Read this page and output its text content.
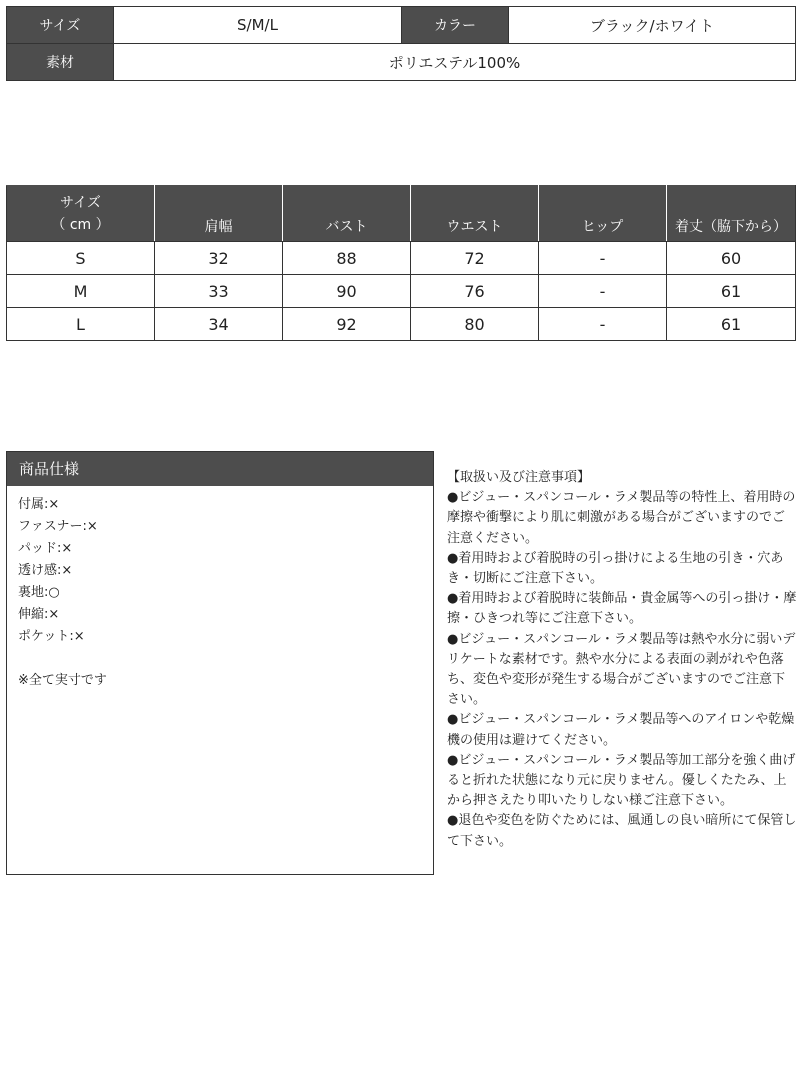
サイズ	S/M/L	カラー	ブラック/ホワイト
素材	ポリエステル100%		
サイズ
（ cm ）	肩幅	バスト	ウエスト	ヒップ	着丈（脇下から）
S	32	88	72	-	60
M	33	90	76	-	61
L	34	92	80	-	61
商品仕様
付属:×
ファスナー:×
パッド:×
透け感:×
裏地:○
伸縮:×
ポケット:×
※全て実寸です

【取扱い及び注意事項】

●ビジュー・スパンコール・ラメ製品等の特性上、着用時の摩擦や衝撃により肌に刺激がある場合がございますのでご注意ください。

●着用時および着脱時の引っ掛けによる生地の引き・穴あき・切断にご注意下さい。

●着用時および着脱時に装飾品・貴金属等への引っ掛け・摩擦・ひきつれ等にご注意下さい。

●ビジュー・スパンコール・ラメ製品等は熱や水分に弱いデリケートな素材です。熱や水分による表面の剥がれや色落ち、変色や変形が発生する場合がございますのでご注意下さい。

●ビジュー・スパンコール・ラメ製品等へのアイロンや乾燥機の使用は避けてください。

●ビジュー・スパンコール・ラメ製品等加工部分を強く曲げると折れた状態になり元に戻りません。優しくたたみ、上から押さえたり叩いたりしない様ご注意下さい。

●退色や変色を防ぐためには、風通しの良い暗所にて保管して下さい。
